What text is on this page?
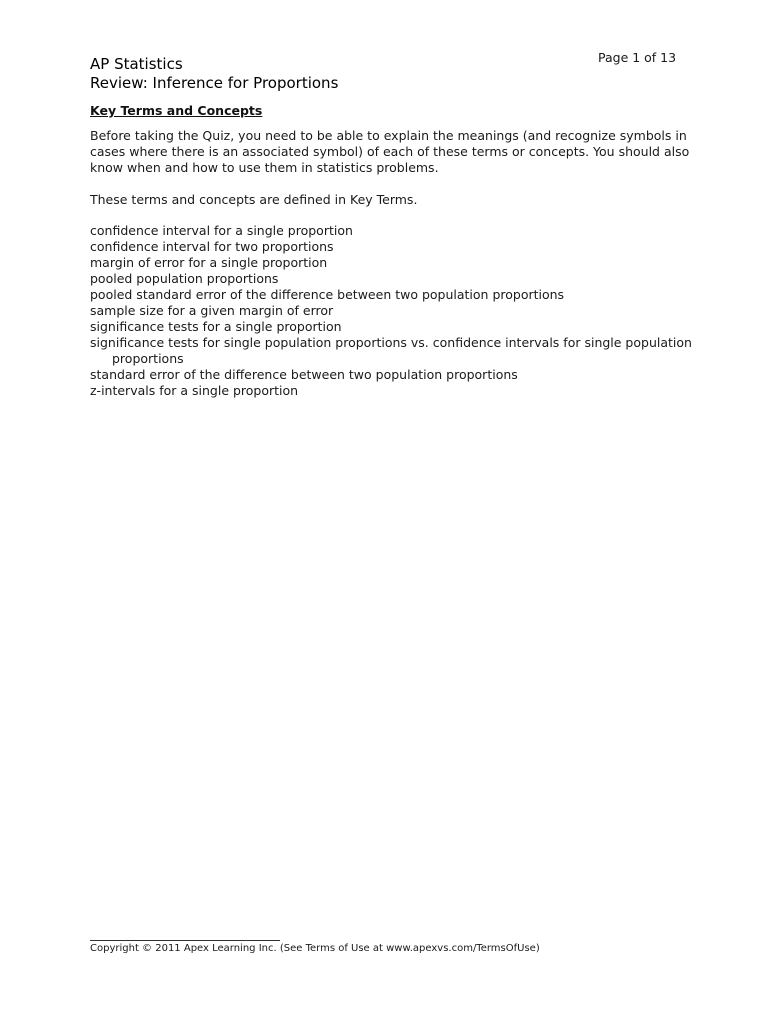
Page 1 of 13
AP Statistics
Review: Inference for Proportions
Key Terms and Concepts

Before taking the Quiz, you need to be able to explain the meanings (and recognize symbols in cases where there is an associated symbol) of each of these terms or concepts. You should also know when and how to use them in statistics problems.

These terms and concepts are defined in Key Terms.

confidence interval for a single proportion
confidence interval for two proportions
margin of error for a single proportion
pooled population proportions
pooled standard error of the difference between two population proportions
sample size for a given margin of error
significance tests for a single proportion
significance tests for single population proportions vs. confidence intervals for single population proportions
standard error of the difference between two population proportions
z-intervals for a single proportion
Copyright © 2011 Apex Learning Inc. (See Terms of Use at www.apexvs.com/TermsOfUse)
